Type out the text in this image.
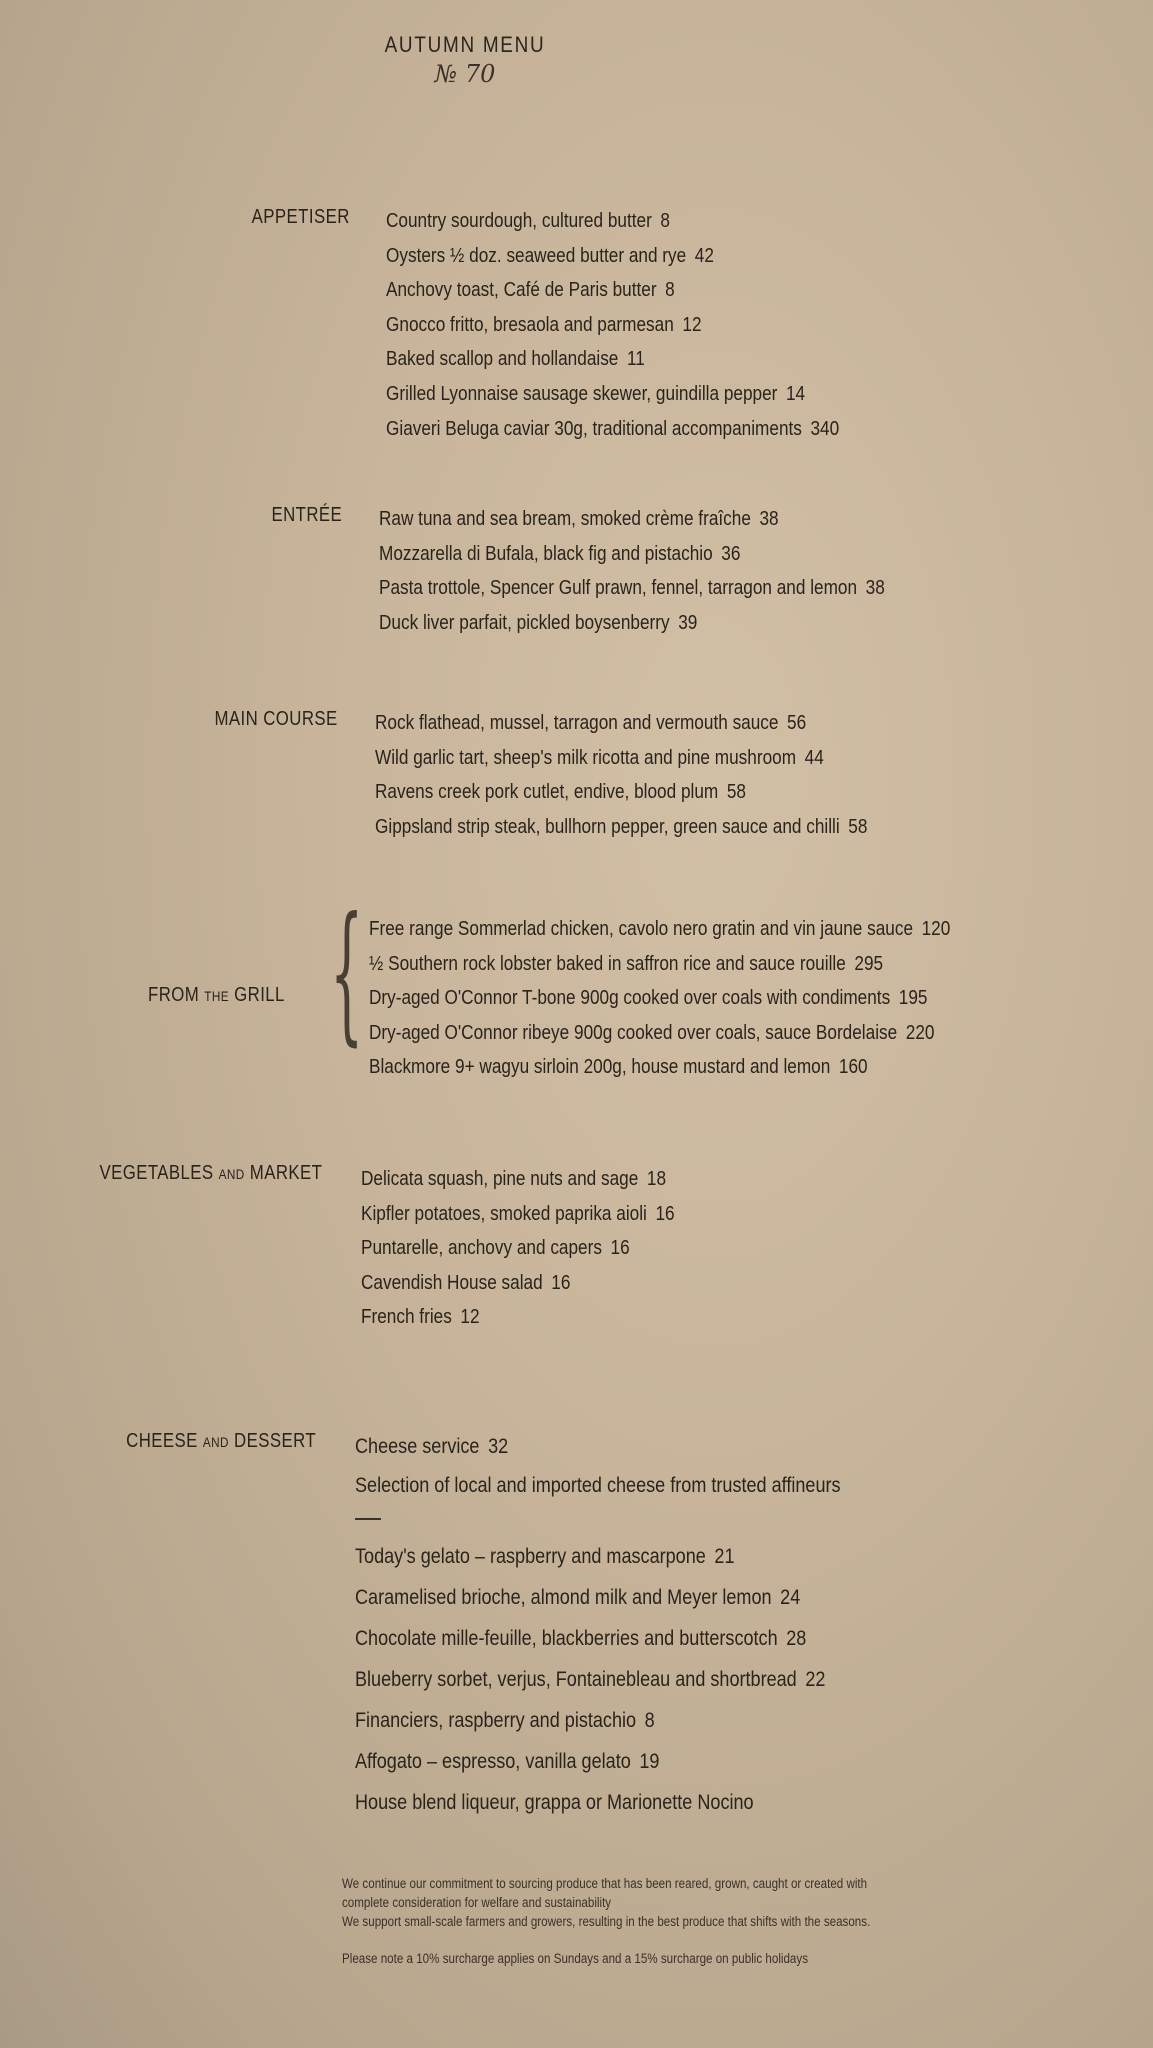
AUTUMN MENU
№ 70
APPETISER Country sourdough, cultured butter 8
Oysters ½ doz. seaweed butter and rye 42
Anchovy toast, Café de Paris butter 8
Gnocco fritto, bresaola and parmesan 12
Baked scallop and hollandaise 11
Grilled Lyonnaise sausage skewer, guindilla pepper 14
Giaveri Beluga caviar 30g, traditional accompaniments 340
ENTRÉE Raw tuna and sea bream, smoked crème fraîche 38
Mozzarella di Bufala, black fig and pistachio 36
Pasta trottole, Spencer Gulf prawn, fennel, tarragon and lemon 38
Duck liver parfait, pickled boysenberry 39
MAIN COURSE Rock flathead, mussel, tarragon and vermouth sauce 56
Wild garlic tart, sheep's milk ricotta and pine mushroom 44
Ravens creek pork cutlet, endive, blood plum 58
Gippsland strip steak, bullhorn pepper, green sauce and chilli 58
FROM THE GRILL { Free range Sommerlad chicken, cavolo nero gratin and vin jaune sauce 120
½ Southern rock lobster baked in saffron rice and sauce rouille 295
Dry-aged O'Connor T-bone 900g cooked over coals with condiments 195
Dry-aged O'Connor ribeye 900g cooked over coals, sauce Bordelaise 220
Blackmore 9+ wagyu sirloin 200g, house mustard and lemon 160
VEGETABLES AND MARKET Delicata squash, pine nuts and sage 18
Kipfler potatoes, smoked paprika aioli 16
Puntarelle, anchovy and capers 16
Cavendish House salad 16
French fries 12
CHEESE AND DESSERT Cheese service 32
Selection of local and imported cheese from trusted affineurs
Today's gelato – raspberry and mascarpone 21
Caramelised brioche, almond milk and Meyer lemon 24
Chocolate mille-feuille, blackberries and butterscotch 28
Blueberry sorbet, verjus, Fontainebleau and shortbread 22
Financiers, raspberry and pistachio 8
Affogato – espresso, vanilla gelato 19
House blend liqueur, grappa or Marionette Nocino

We continue our commitment to sourcing produce that has been reared, grown, caught or created with

complete consideration for welfare and sustainability

We support small-scale farmers and growers, resulting in the best produce that shifts with the seasons.

Please note a 10% surcharge applies on Sundays and a 15% surcharge on public holidays
